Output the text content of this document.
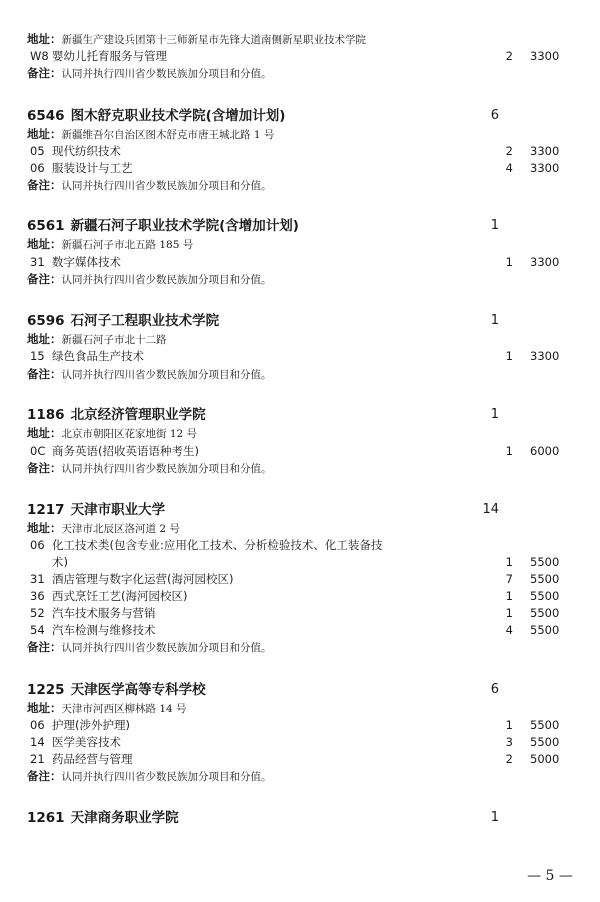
地址：新疆生产建设兵团第十三师新星市先锋大道南侧新星职业技术学院
W8 婴幼儿托育服务与管理	2 3300
备注：认同并执行四川省少数民族加分项目和分值。
6546 图木舒克职业技术学院(含增加计划)	6
地址：新疆维吾尔自治区图木舒克市唐王城北路 1 号
05 现代纺织技术	2 3300
06 服装设计与工艺	4 3300
备注：认同并执行四川省少数民族加分项目和分值。
6561 新疆石河子职业技术学院(含增加计划)	1
地址：新疆石河子市北五路 185 号
31 数字媒体技术	1 3300
备注：认同并执行四川省少数民族加分项目和分值。
6596 石河子工程职业技术学院	1
地址：新疆石河子市北十二路
15 绿色食品生产技术	1 3300
备注：认同并执行四川省少数民族加分项目和分值。
1186 北京经济管理职业学院	1
地址：北京市朝阳区花家地街 12 号
0C 商务英语(招收英语语种考生)	1 6000
备注：认同并执行四川省少数民族加分项目和分值。
1217 天津市职业大学	14
地址：天津市北辰区洛河道 2 号
06 化工技术类(包含专业:应用化工技术、分析检验技术、化工装备技
术)	1 5500
31 酒店管理与数字化运营(海河园校区)	7 5500
36 西式烹饪工艺(海河园校区)	1 5500
52 汽车技术服务与营销	1 5500
54 汽车检测与维修技术	4 5500
备注：认同并执行四川省少数民族加分项目和分值。
1225 天津医学高等专科学校	6
地址：天津市河西区柳林路 14 号
06 护理(涉外护理)	1 5500
14 医学美容技术	3 5500
21 药品经营与管理	2 5000
备注：认同并执行四川省少数民族加分项目和分值。
1261 天津商务职业学院	1
— 5 —
